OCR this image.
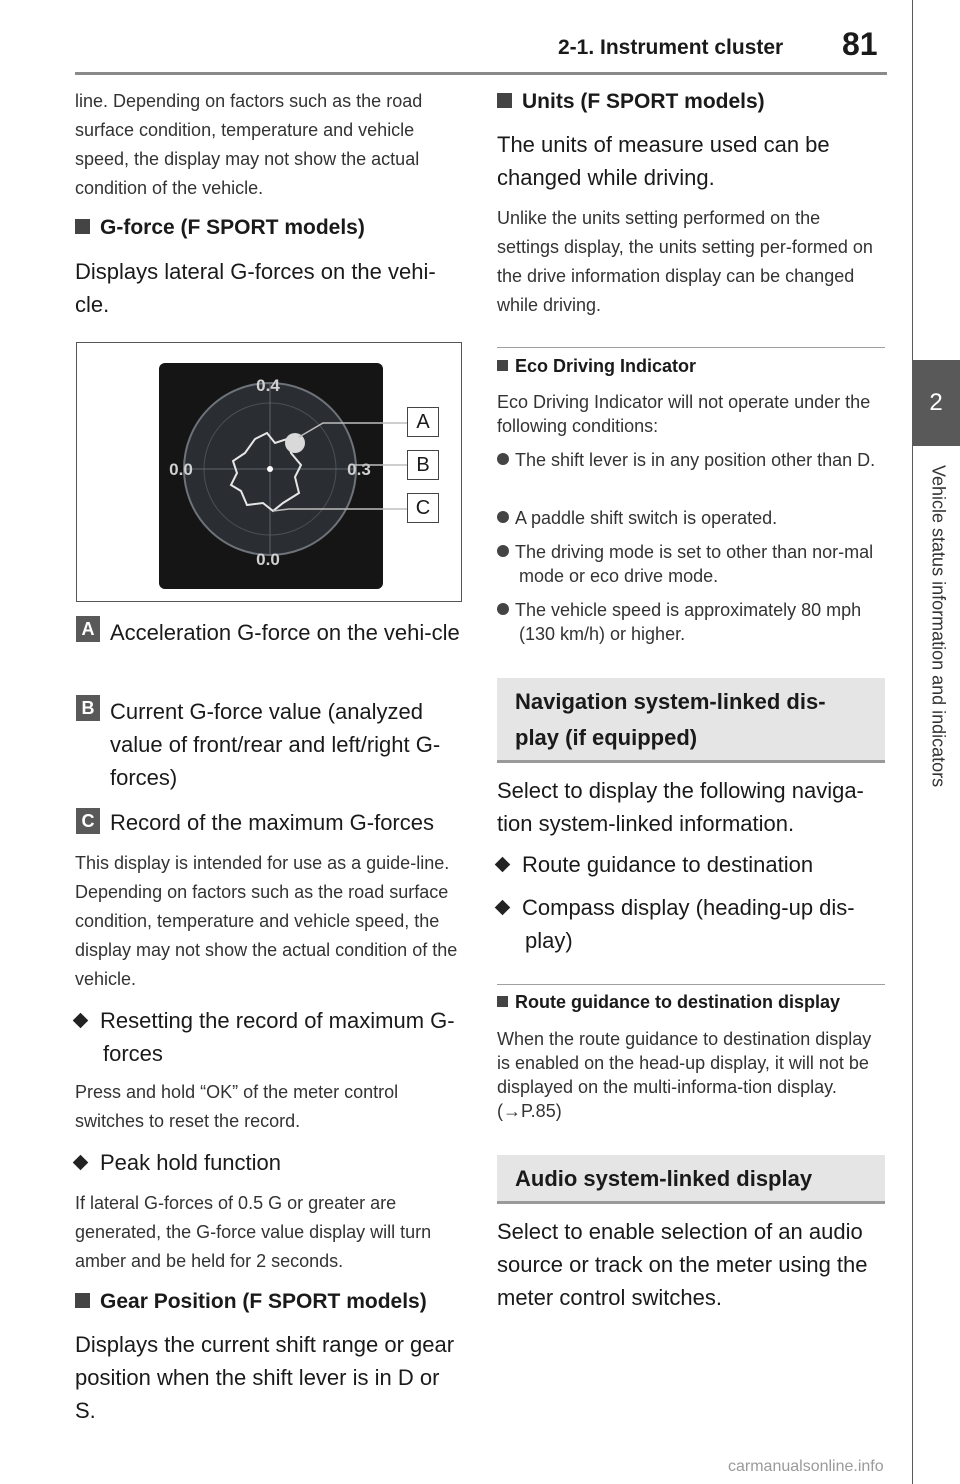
2-1. Instrument cluster 81
2
Vehicle status information and indicators
line. Depending on factors such as the road surface condition, temperature and vehicle speed, the display may not show the actual condition of the vehicle.
G-force (F SPORT models)
Displays lateral G-forces on the vehi-cle.
0.4
0.0	0.3
0.0
A
B
C
A Acceleration G-force on the vehi-cle
B Current G-force value (analyzed value of front/rear and left/right G-forces)
C Record of the maximum G-forces
This display is intended for use as a guide-line. Depending on factors such as the road surface condition, temperature and vehicle speed, the display may not show the actual condition of the vehicle.
Resetting the record of maximum G-forces
Press and hold “OK” of the meter control switches to reset the record.
Peak hold function
If lateral G-forces of 0.5 G or greater are generated, the G-force value display will turn amber and be held for 2 seconds.
Gear Position (F SPORT models)
Displays the current shift range or gear position when the shift lever is in D or S.
Units (F SPORT models)
The units of measure used can be changed while driving.
Unlike the units setting performed on the settings display, the units setting per-formed on the drive information display can be changed while driving.
Eco Driving Indicator
Eco Driving Indicator will not operate under the following conditions:
The shift lever is in any position other than D.
A paddle shift switch is operated.
The driving mode is set to other than nor-mal mode or eco drive mode.
The vehicle speed is approximately 80 mph (130 km/h) or higher.
Navigation system-linked dis-play (if equipped)
Select to display the following naviga-tion system-linked information.
Route guidance to destination
Compass display (heading-up dis-play)
Route guidance to destination display
When the route guidance to destination display is enabled on the head-up display, it will not be displayed on the multi-informa-tion display. (→P.85)
Audio system-linked display
Select to enable selection of an audio source or track on the meter using the meter control switches.
carmanualsonline.info
